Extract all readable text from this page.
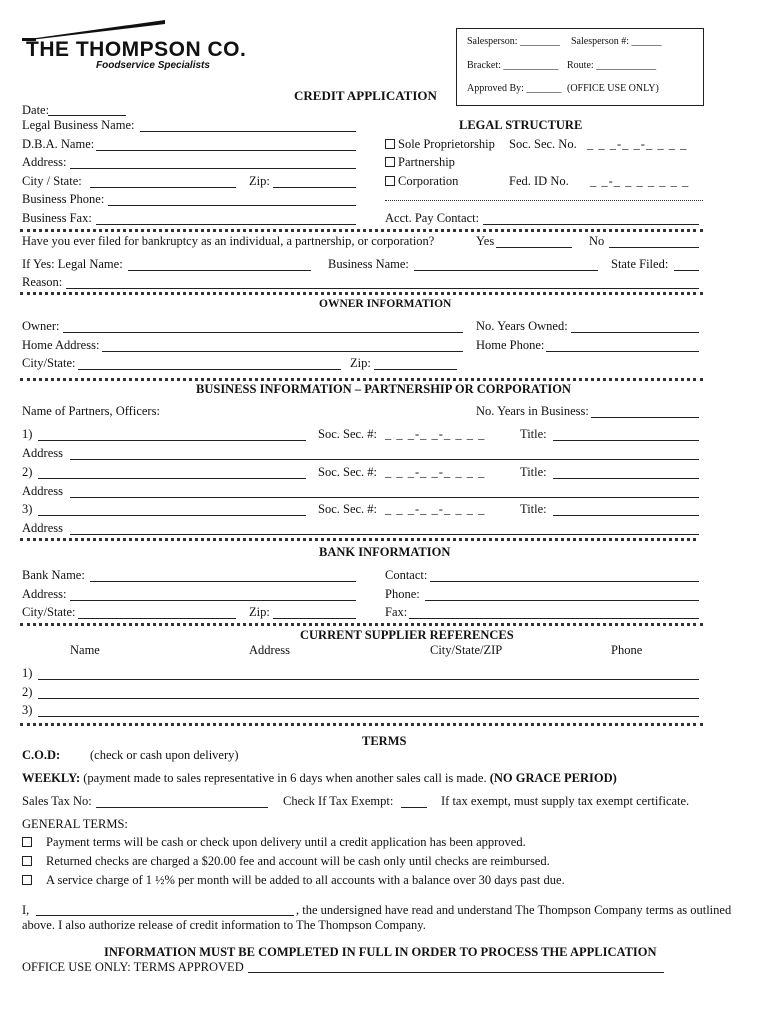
THE THOMPSON CO.
Foodservice Specialists
Salesperson: ________ Salesperson #: ______
Bracket: ___________ Route: ____________
Approved By: _______ (OFFICE USE ONLY)
CREDIT APPLICATION
Date:
Legal Business Name:
D.B.A. Name:
Address:
City / State:	Zip:
Business Phone:
Business Fax:
LEGAL STRUCTURE
Sole Proprietorship Soc. Sec. No. _ _ _-_ _-_ _ _ _
Partnership
Corporation	Fed. ID No. _ _-_ _ _ _ _ _ _
Acct. Pay Contact:
Have you ever filed for bankruptcy as an individual, a partnership, or corporation?	Yes	No
If Yes: Legal Name:	Business Name:	State Filed:
Reason:
OWNER INFORMATION
Owner:	No. Years Owned:
Home Address:	Home Phone:
City/State:	Zip:
BUSINESS INFORMATION – PARTNERSHIP OR CORPORATION
Name of Partners, Officers:	No. Years in Business:
1)	Soc. Sec. #: _ _ _-_ _-_ _ _ _	Title:
Address
2)	Soc. Sec. #: _ _ _-_ _-_ _ _ _	Title:
Address
3)	Soc. Sec. #: _ _ _-_ _-_ _ _ _	Title:
Address
BANK INFORMATION
Bank Name:	Contact:
Address:	Phone:
City/State:	Zip:	Fax:
CURRENT SUPPLIER REFERENCES
Name	Address	City/State/ZIP	Phone
1)
2)
3)
TERMS
C.O.D: (check or cash upon delivery)
WEEKLY: (payment made to sales representative in 6 days when another sales call is made. (NO GRACE PERIOD)
Sales Tax No:	Check If Tax Exempt:	If tax exempt, must supply tax exempt certificate.
GENERAL TERMS:
Payment terms will be cash or check upon delivery until a credit application has been approved.
Returned checks are charged a $20.00 fee and account will be cash only until checks are reimbursed.
A service charge of 1 ½% per month will be added to all accounts with a balance over 30 days past due.
I,	, the undersigned have read and understand The Thompson Company terms as outlined
above. I also authorize release of credit information to The Thompson Company.
INFORMATION MUST BE COMPLETED IN FULL IN ORDER TO PROCESS THE APPLICATION
OFFICE USE ONLY: TERMS APPROVED
